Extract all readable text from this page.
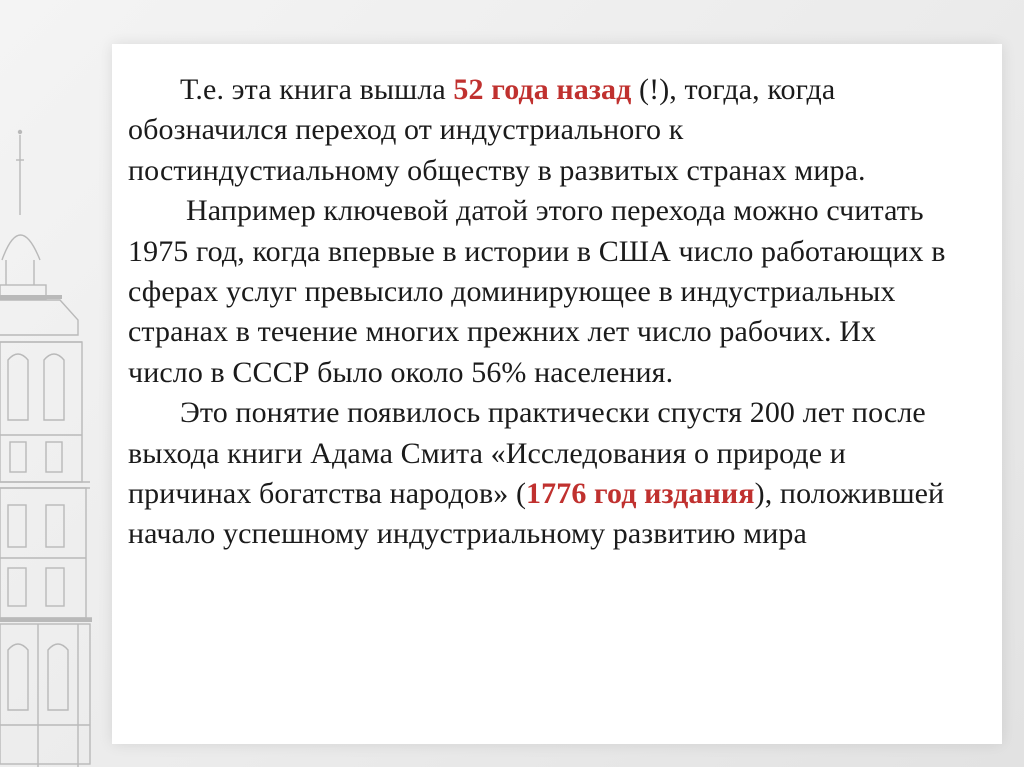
Т.е. эта книга вышла 52 года назад (!), тогда, когда обозначился переход от индустриального к постиндустиальному обществу в развитых странах мира.

Например ключевой датой этого перехода можно считать 1975 год, когда впервые в истории в США число работающих в сферах услуг превысило доминирующее в индустриальных странах в течение многих прежних лет число рабочих. Их число в СССР было около 56% населения.

Это понятие появилось практически спустя 200 лет после выхода книги Адама Смита «Исследования о природе и причинах богатства народов» (1776 год издания), положившей начало успешному индустриальному развитию мира
